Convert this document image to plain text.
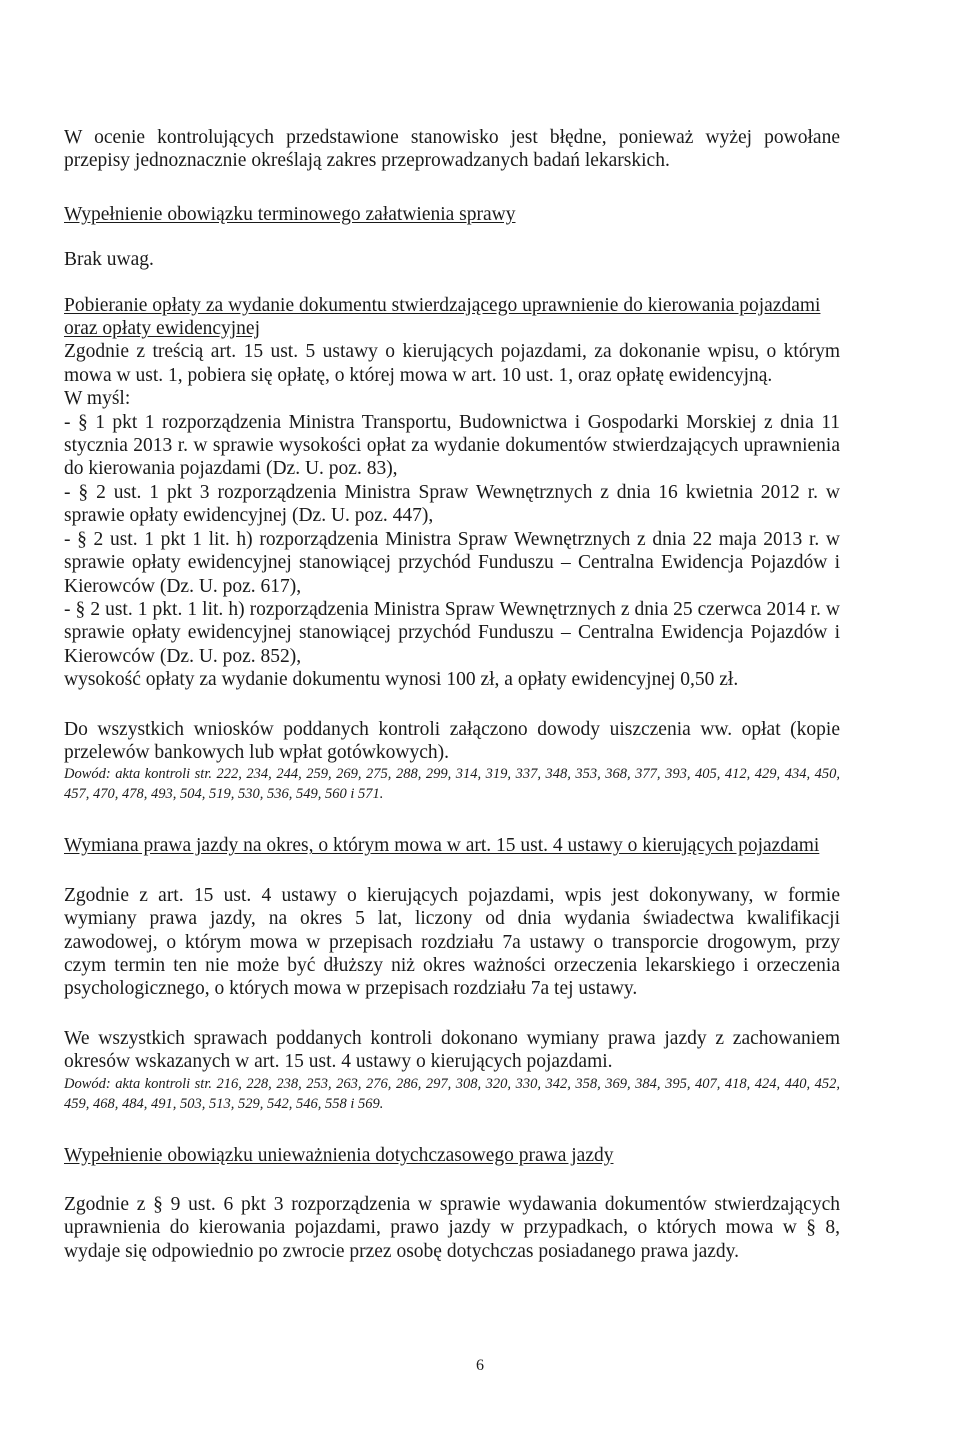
W ocenie kontrolujących przedstawione stanowisko jest błędne, ponieważ wyżej powołane przepisy jednoznacznie określają zakres przeprowadzanych badań lekarskich.

Wypełnienie obowiązku terminowego załatwienia sprawy

Brak uwag.

Pobieranie opłaty za wydanie dokumentu stwierdzającego uprawnienie do kierowania pojazdami oraz opłaty ewidencyjnej

Zgodnie z treścią art. 15 ust. 5 ustawy o kierujących pojazdami, za dokonanie wpisu, o którym mowa w ust. 1, pobiera się opłatę, o której mowa w art. 10 ust. 1, oraz opłatę ewidencyjną.

W myśl:

- § 1 pkt 1 rozporządzenia Ministra Transportu, Budownictwa i Gospodarki Morskiej z dnia 11 stycznia 2013 r. w sprawie wysokości opłat za wydanie dokumentów stwierdzających uprawnienia do kierowania pojazdami (Dz. U. poz. 83),

- § 2 ust. 1 pkt 3 rozporządzenia Ministra Spraw Wewnętrznych z dnia 16 kwietnia 2012 r. w sprawie opłaty ewidencyjnej (Dz. U. poz. 447),

- § 2 ust. 1 pkt 1 lit. h) rozporządzenia Ministra Spraw Wewnętrznych z dnia 22 maja 2013 r. w sprawie opłaty ewidencyjnej stanowiącej przychód Funduszu – Centralna Ewidencja Pojazdów i Kierowców (Dz. U. poz. 617),

- § 2 ust. 1 pkt. 1 lit. h) rozporządzenia Ministra Spraw Wewnętrznych z dnia 25 czerwca 2014 r. w sprawie opłaty ewidencyjnej stanowiącej przychód Funduszu – Centralna Ewidencja Pojazdów i Kierowców (Dz. U. poz. 852),

wysokość opłaty za wydanie dokumentu wynosi 100 zł, a opłaty ewidencyjnej 0,50 zł.

Do wszystkich wniosków poddanych kontroli załączono dowody uiszczenia ww. opłat (kopie przelewów bankowych lub wpłat gotówkowych).

Dowód: akta kontroli str. 222, 234, 244, 259, 269, 275, 288, 299, 314, 319, 337, 348, 353, 368, 377, 393, 405, 412, 429, 434, 450, 457, 470, 478, 493, 504, 519, 530, 536, 549, 560 i 571.

Wymiana prawa jazdy na okres, o którym mowa w art. 15 ust. 4 ustawy o kierujących pojazdami

Zgodnie z art. 15 ust. 4 ustawy o kierujących pojazdami, wpis jest dokonywany, w formie wymiany prawa jazdy, na okres 5 lat, liczony od dnia wydania świadectwa kwalifikacji zawodowej, o którym mowa w przepisach rozdziału 7a ustawy o transporcie drogowym, przy czym termin ten nie może być dłuższy niż okres ważności orzeczenia lekarskiego i orzeczenia psychologicznego, o których mowa w przepisach rozdziału 7a tej ustawy.

We wszystkich sprawach poddanych kontroli dokonano wymiany prawa jazdy z zachowaniem okresów wskazanych w art. 15 ust. 4 ustawy o kierujących pojazdami.

Dowód: akta kontroli str. 216, 228, 238, 253, 263, 276, 286, 297, 308, 320, 330, 342, 358, 369, 384, 395, 407, 418, 424, 440, 452, 459, 468, 484, 491, 503, 513, 529, 542, 546, 558 i 569.

Wypełnienie obowiązku unieważnienia dotychczasowego prawa jazdy

Zgodnie z § 9 ust. 6 pkt 3 rozporządzenia w sprawie wydawania dokumentów stwierdzających uprawnienia do kierowania pojazdami, prawo jazdy w przypadkach, o których mowa w § 8, wydaje się odpowiednio po zwrocie przez osobę dotychczas posiadanego prawa jazdy.

6
